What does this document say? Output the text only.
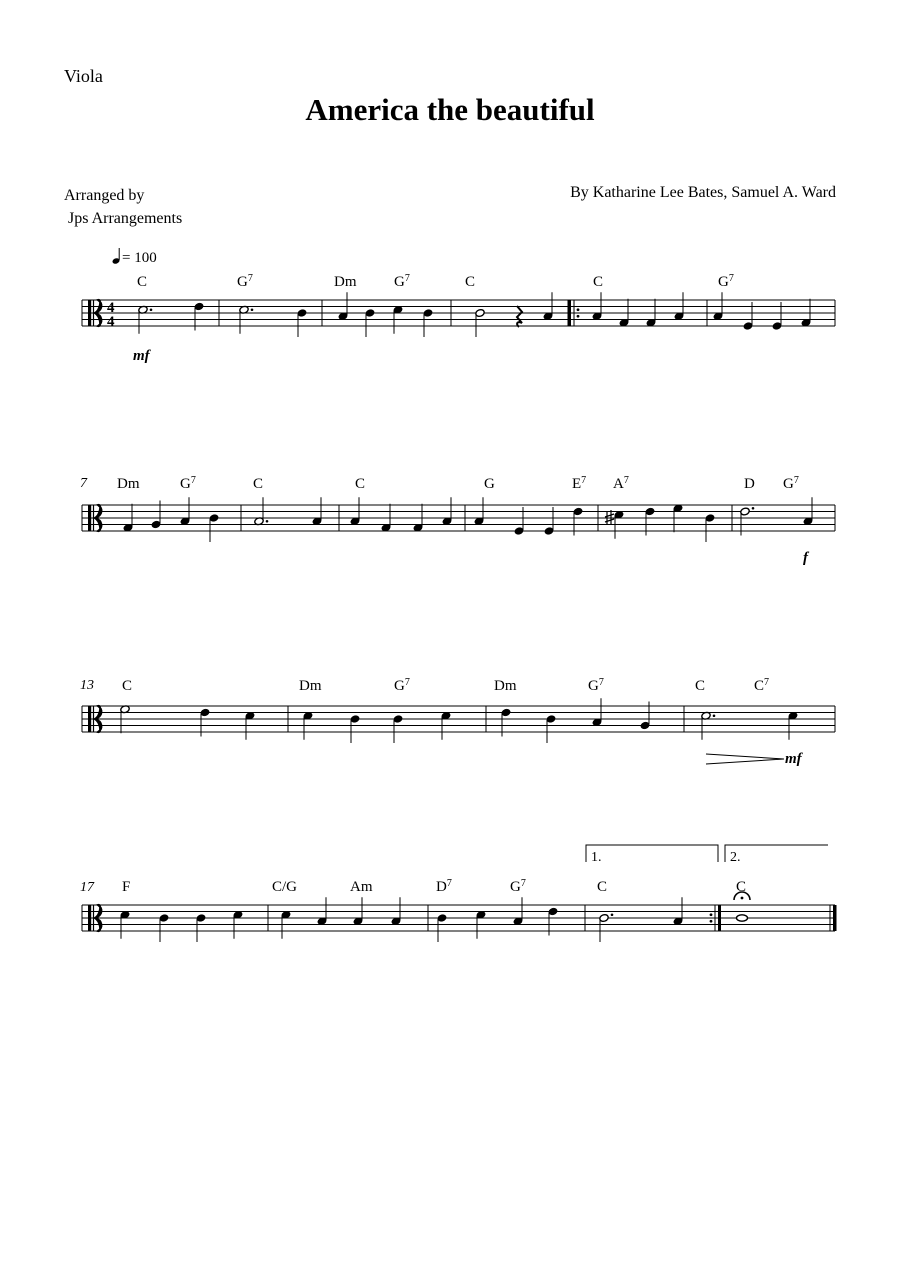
Viola
America the beautiful
Arranged by
Jps Arrangements
By Katharine Lee Bates, Samuel A. Ward
= 100
4
4
C	$G^7$	Dm	$G^7$	C	C	$G^7$
7 Dm	$G^7$	C	C	G	$E^7$ $A^7$	D $G^7$
13 C	Dm	$G^7$	Dm	$G^7$	C	$C^7$
17 F	C/G	Am	$D^7$	$G^7$	C	C
mf
f
mf
1.	2.
